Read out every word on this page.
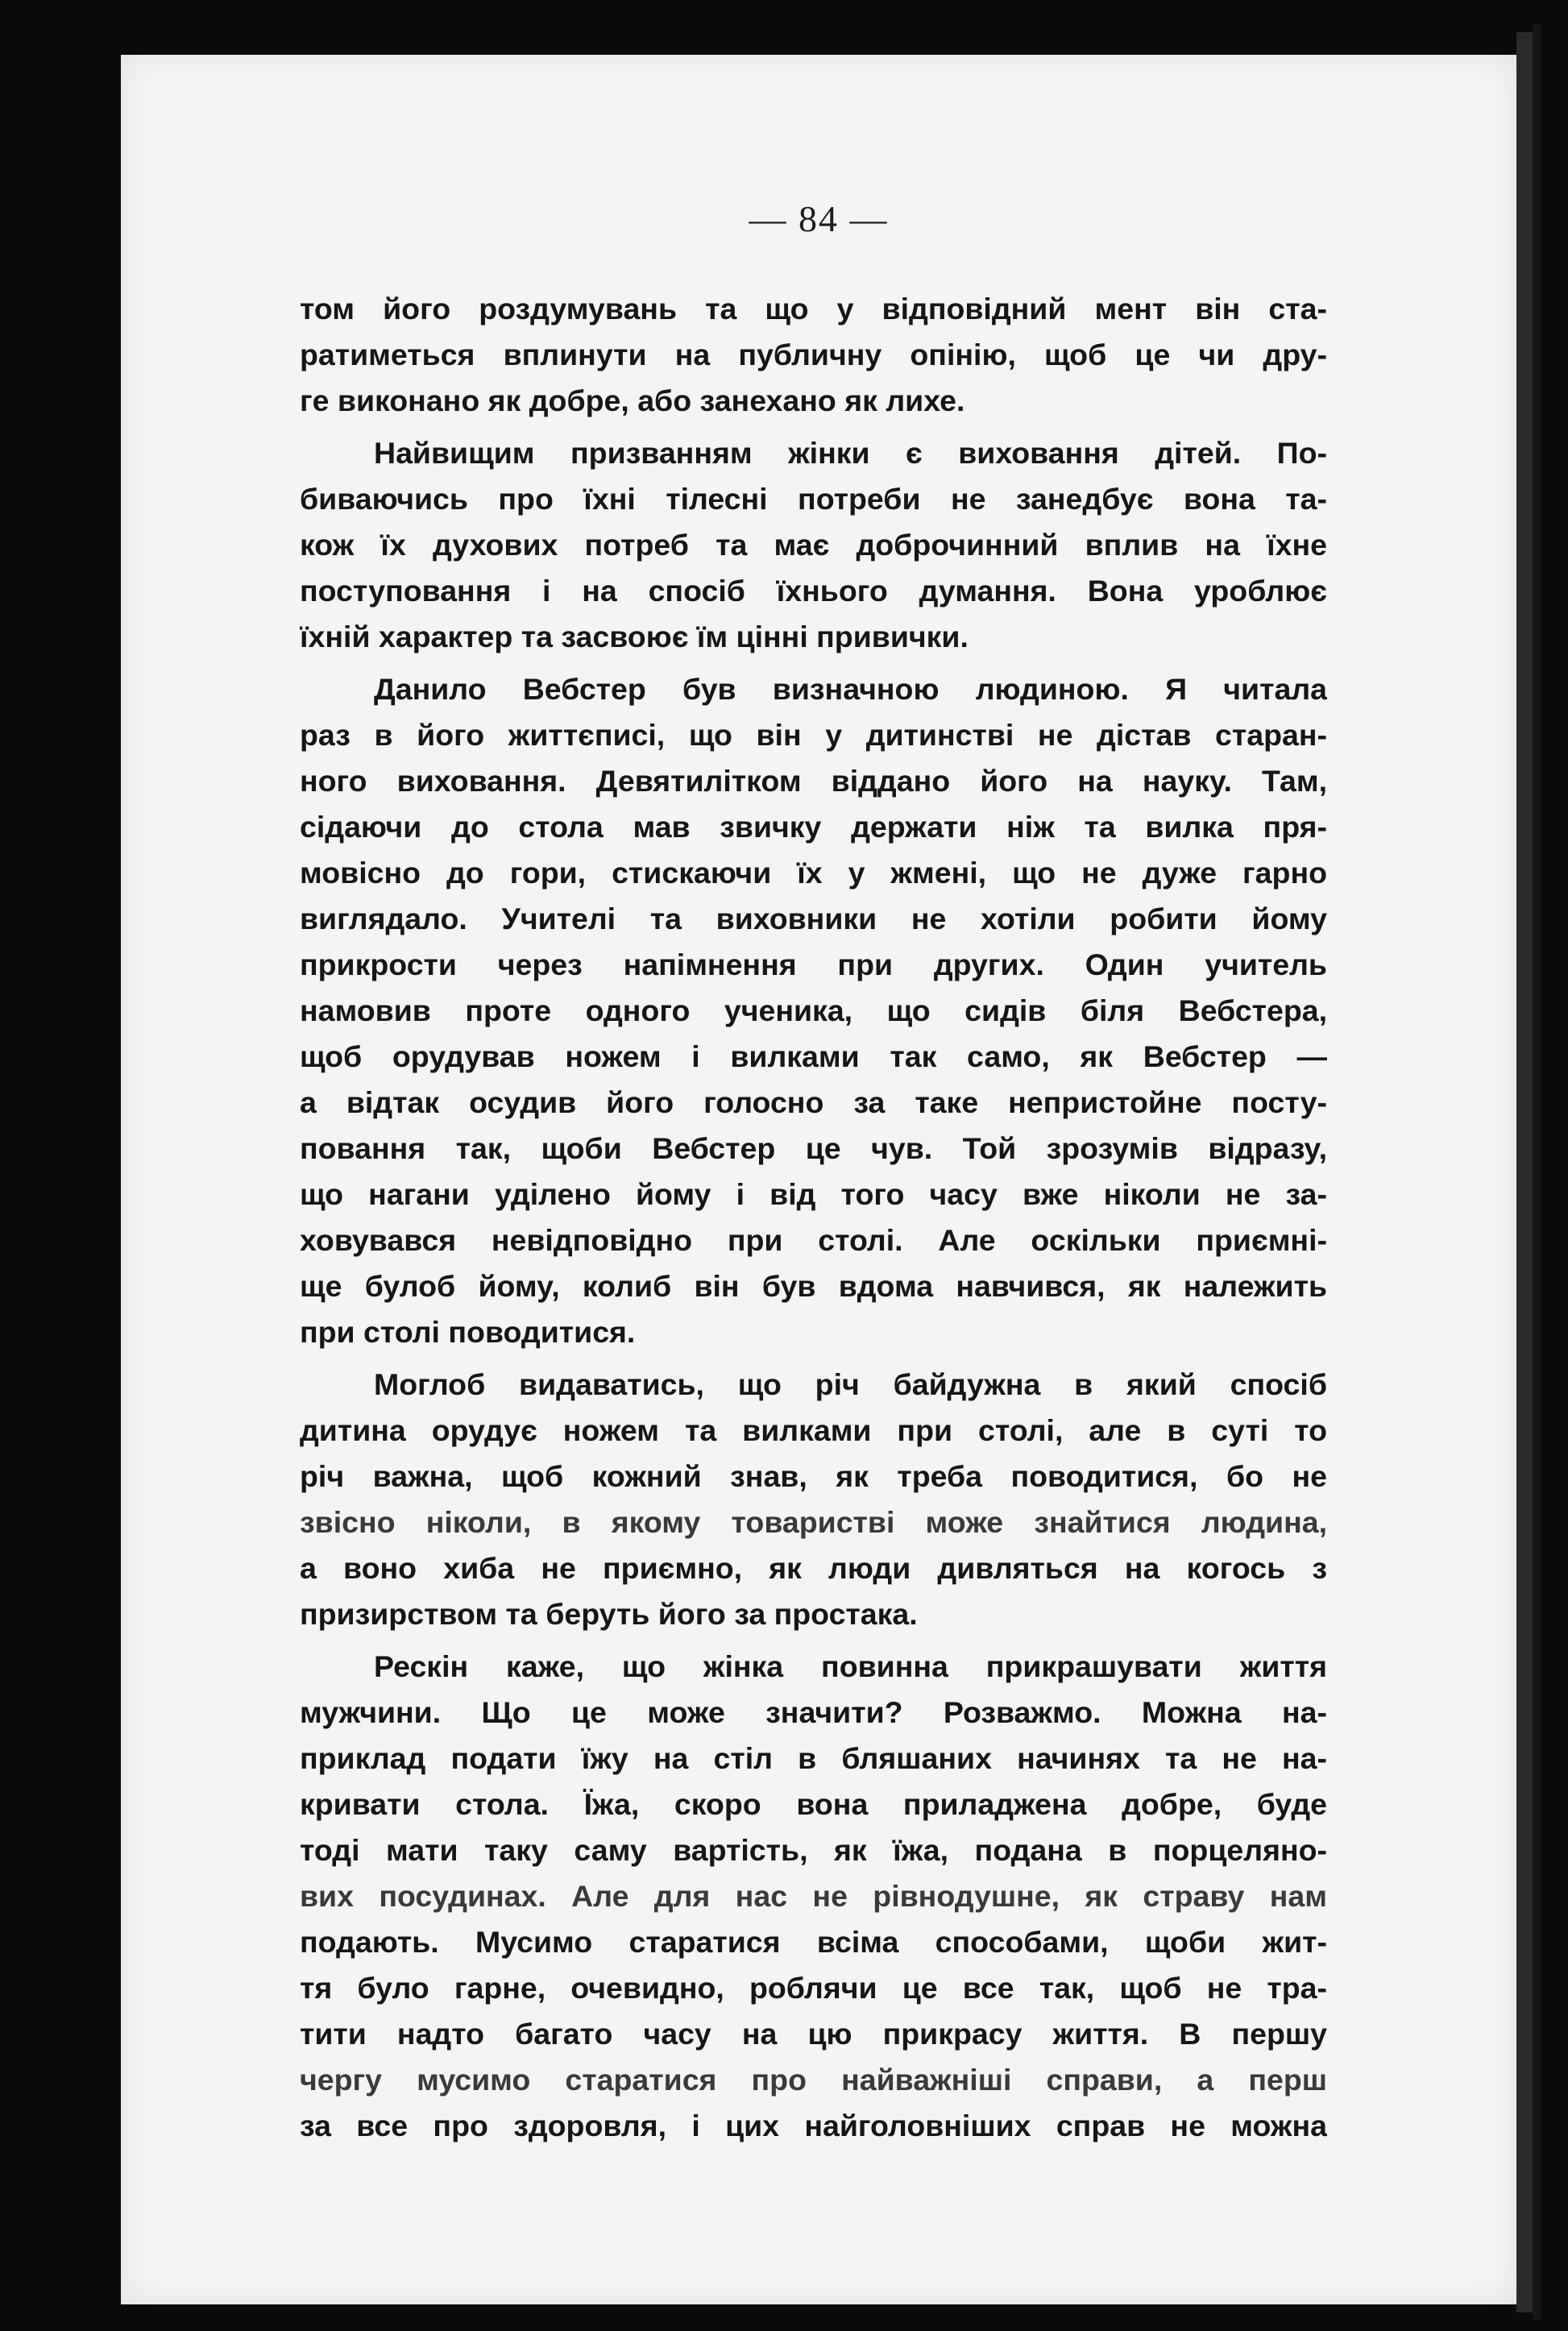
— 84 —
том його роздумувань та що у відповідний мент він ста-
ратиметься вплинути на публичну опінію, щоб це чи дру-
ге виконано як добре, або занехано як лихе.
Найвищим призванням жінки є виховання дітей. По-
биваючись про їхні тілесні потреби не занедбує вона та-
кож їх духових потреб та має доброчинний вплив на їхне
поступовання і на спосіб їхнього думання. Вона уроблює
їхній характер та засвоює їм цінні привички.
Данило Вебстер був визначною людиною. Я читала
раз в його життєписі, що він у дитинстві не дістав старан-
ного виховання. Девятилітком віддано його на науку. Там,
сідаючи до стола мав звичку держати ніж та вилка пря-
мовісно до гори, стискаючи їх у жмені, що не дуже гарно
виглядало. Учителі та виховники не хотіли робити йому
прикрости через напімнення при других. Один учитель
намовив проте одного ученика, що сидів біля Вебстера,
щоб орудував ножем і вилками так само, як Вебстер —
а відтак осудив його голосно за таке непристойне посту-
повання так, щоби Вебстер це чув. Той зрозумів відразу,
що нагани уділено йому і від того часу вже ніколи не за-
ховувався невідповідно при столі. Але оскільки приємні-
ще булоб йому, колиб він був вдома навчився, як належить
при столі поводитися.
Моглоб видаватись, що річ байдужна в який спосіб
дитина орудує ножем та вилками при столі, але в суті то
річ важна, щоб кожний знав, як треба поводитися, бо не
звісно ніколи, в якому товаристві може знайтися людина,
а воно хиба не приємно, як люди дивляться на когось з
призирством та беруть його за простака.
Рескін каже, що жінка повинна прикрашувати життя
мужчини. Що це може значити? Розважмо. Можна на-
приклад подати їжу на стіл в бляшаних начинях та не на-
кривати стола. Їжа, скоро вона приладжена добре, буде
тоді мати таку саму вартість, як їжа, подана в порцеляно-
вих посудинах. Але для нас не рівнодушне, як страву нам
подають. Мусимо старатися всіма способами, щоби жит-
тя було гарне, очевидно, роблячи це все так, щоб не тра-
тити надто багато часу на цю прикрасу життя. В першу
чергу мусимо старатися про найважніші справи, а перш
за все про здоровля, і цих найголовніших справ не можна
